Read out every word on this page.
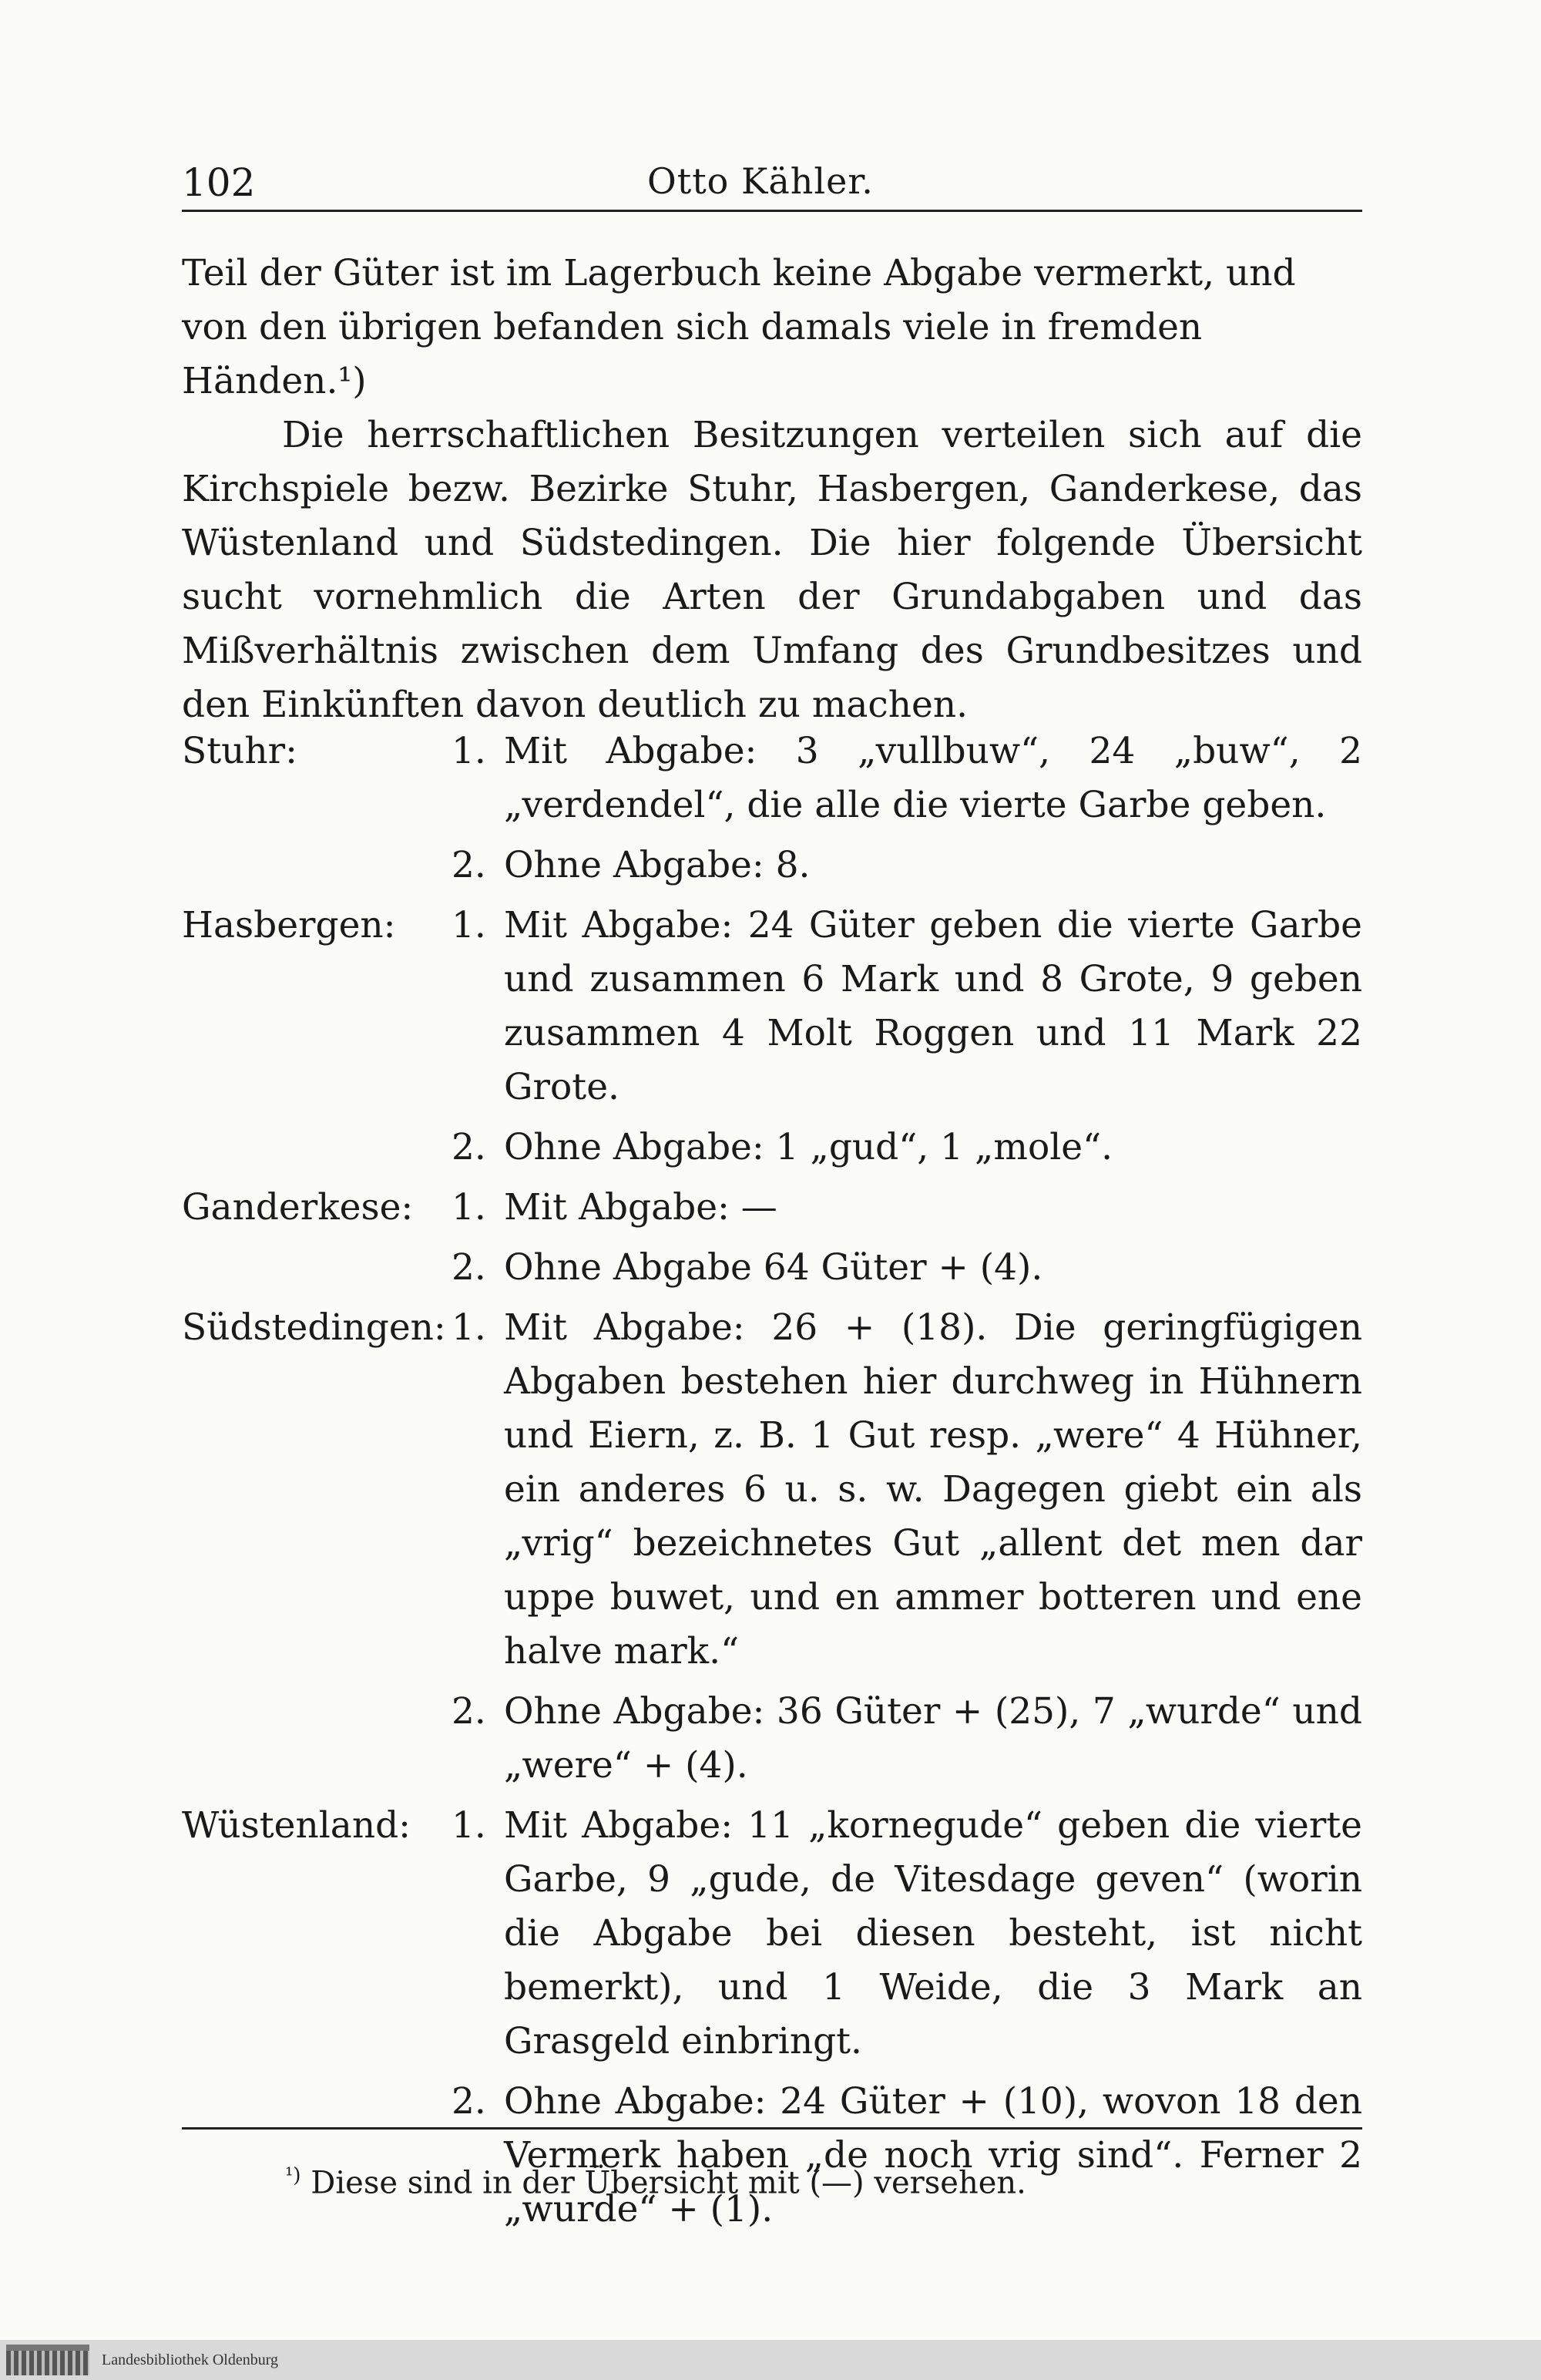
102	Otto Kähler.

Teil der Güter ist im Lagerbuch keine Abgabe vermerkt, und von den übrigen befanden sich damals viele in fremden Händen.¹)

Die herrschaftlichen Besitzungen verteilen sich auf die Kirchspiele bezw. Bezirke Stuhr, Hasbergen, Ganderkese, das Wüstenland und Südstedingen. Die hier folgende Übersicht sucht vornehmlich die Arten der Grundabgaben und das Mißverhältnis zwischen dem Umfang des Grundbesitzes und den Einkünften davon deutlich zu machen.

Stuhr:	1. Mit Abgabe: 3 „vullbuw“, 24 „buw“, 2 „verdendel“, die alle die vierte Garbe geben.
2. Ohne Abgabe: 8.
Hasbergen:	1. Mit Abgabe: 24 Güter geben die vierte Garbe und zusammen 6 Mark und 8 Grote, 9 geben zusammen 4 Molt Roggen und 11 Mark 22 Grote.
2. Ohne Abgabe: 1 „gud“, 1 „mole“.
Ganderkese:	1. Mit Abgabe: —
2. Ohne Abgabe 64 Güter + (4).
Südstedingen: 1. Mit Abgabe: 26 + (18). Die geringfügigen Abgaben bestehen hier durchweg in Hühnern und Eiern, z. B. 1 Gut resp. „were“ 4 Hühner, ein anderes 6 u. s. w. Dagegen giebt ein als „vrig“ bezeichnetes Gut „allent det men dar uppe buwet, und en ammer botteren und ene halve mark.“
2. Ohne Abgabe: 36 Güter + (25), 7 „wurde“ und „were“ + (4).
Wüstenland:	1. Mit Abgabe: 11 „kornegude“ geben die vierte Garbe, 9 „gude, de Vitesdage geven“ (worin die Abgabe bei diesen besteht, ist nicht bemerkt), und 1 Weide, die 3 Mark an Grasgeld einbringt.
2. Ohne Abgabe: 24 Güter + (10), wovon 18 den Vermerk haben „de noch vrig sind“. Ferner 2 „wurde“ + (1).
$^{^1)}$ Diese sind in der Übersicht mit (—) versehen.
Landesbibliothek Oldenburg
